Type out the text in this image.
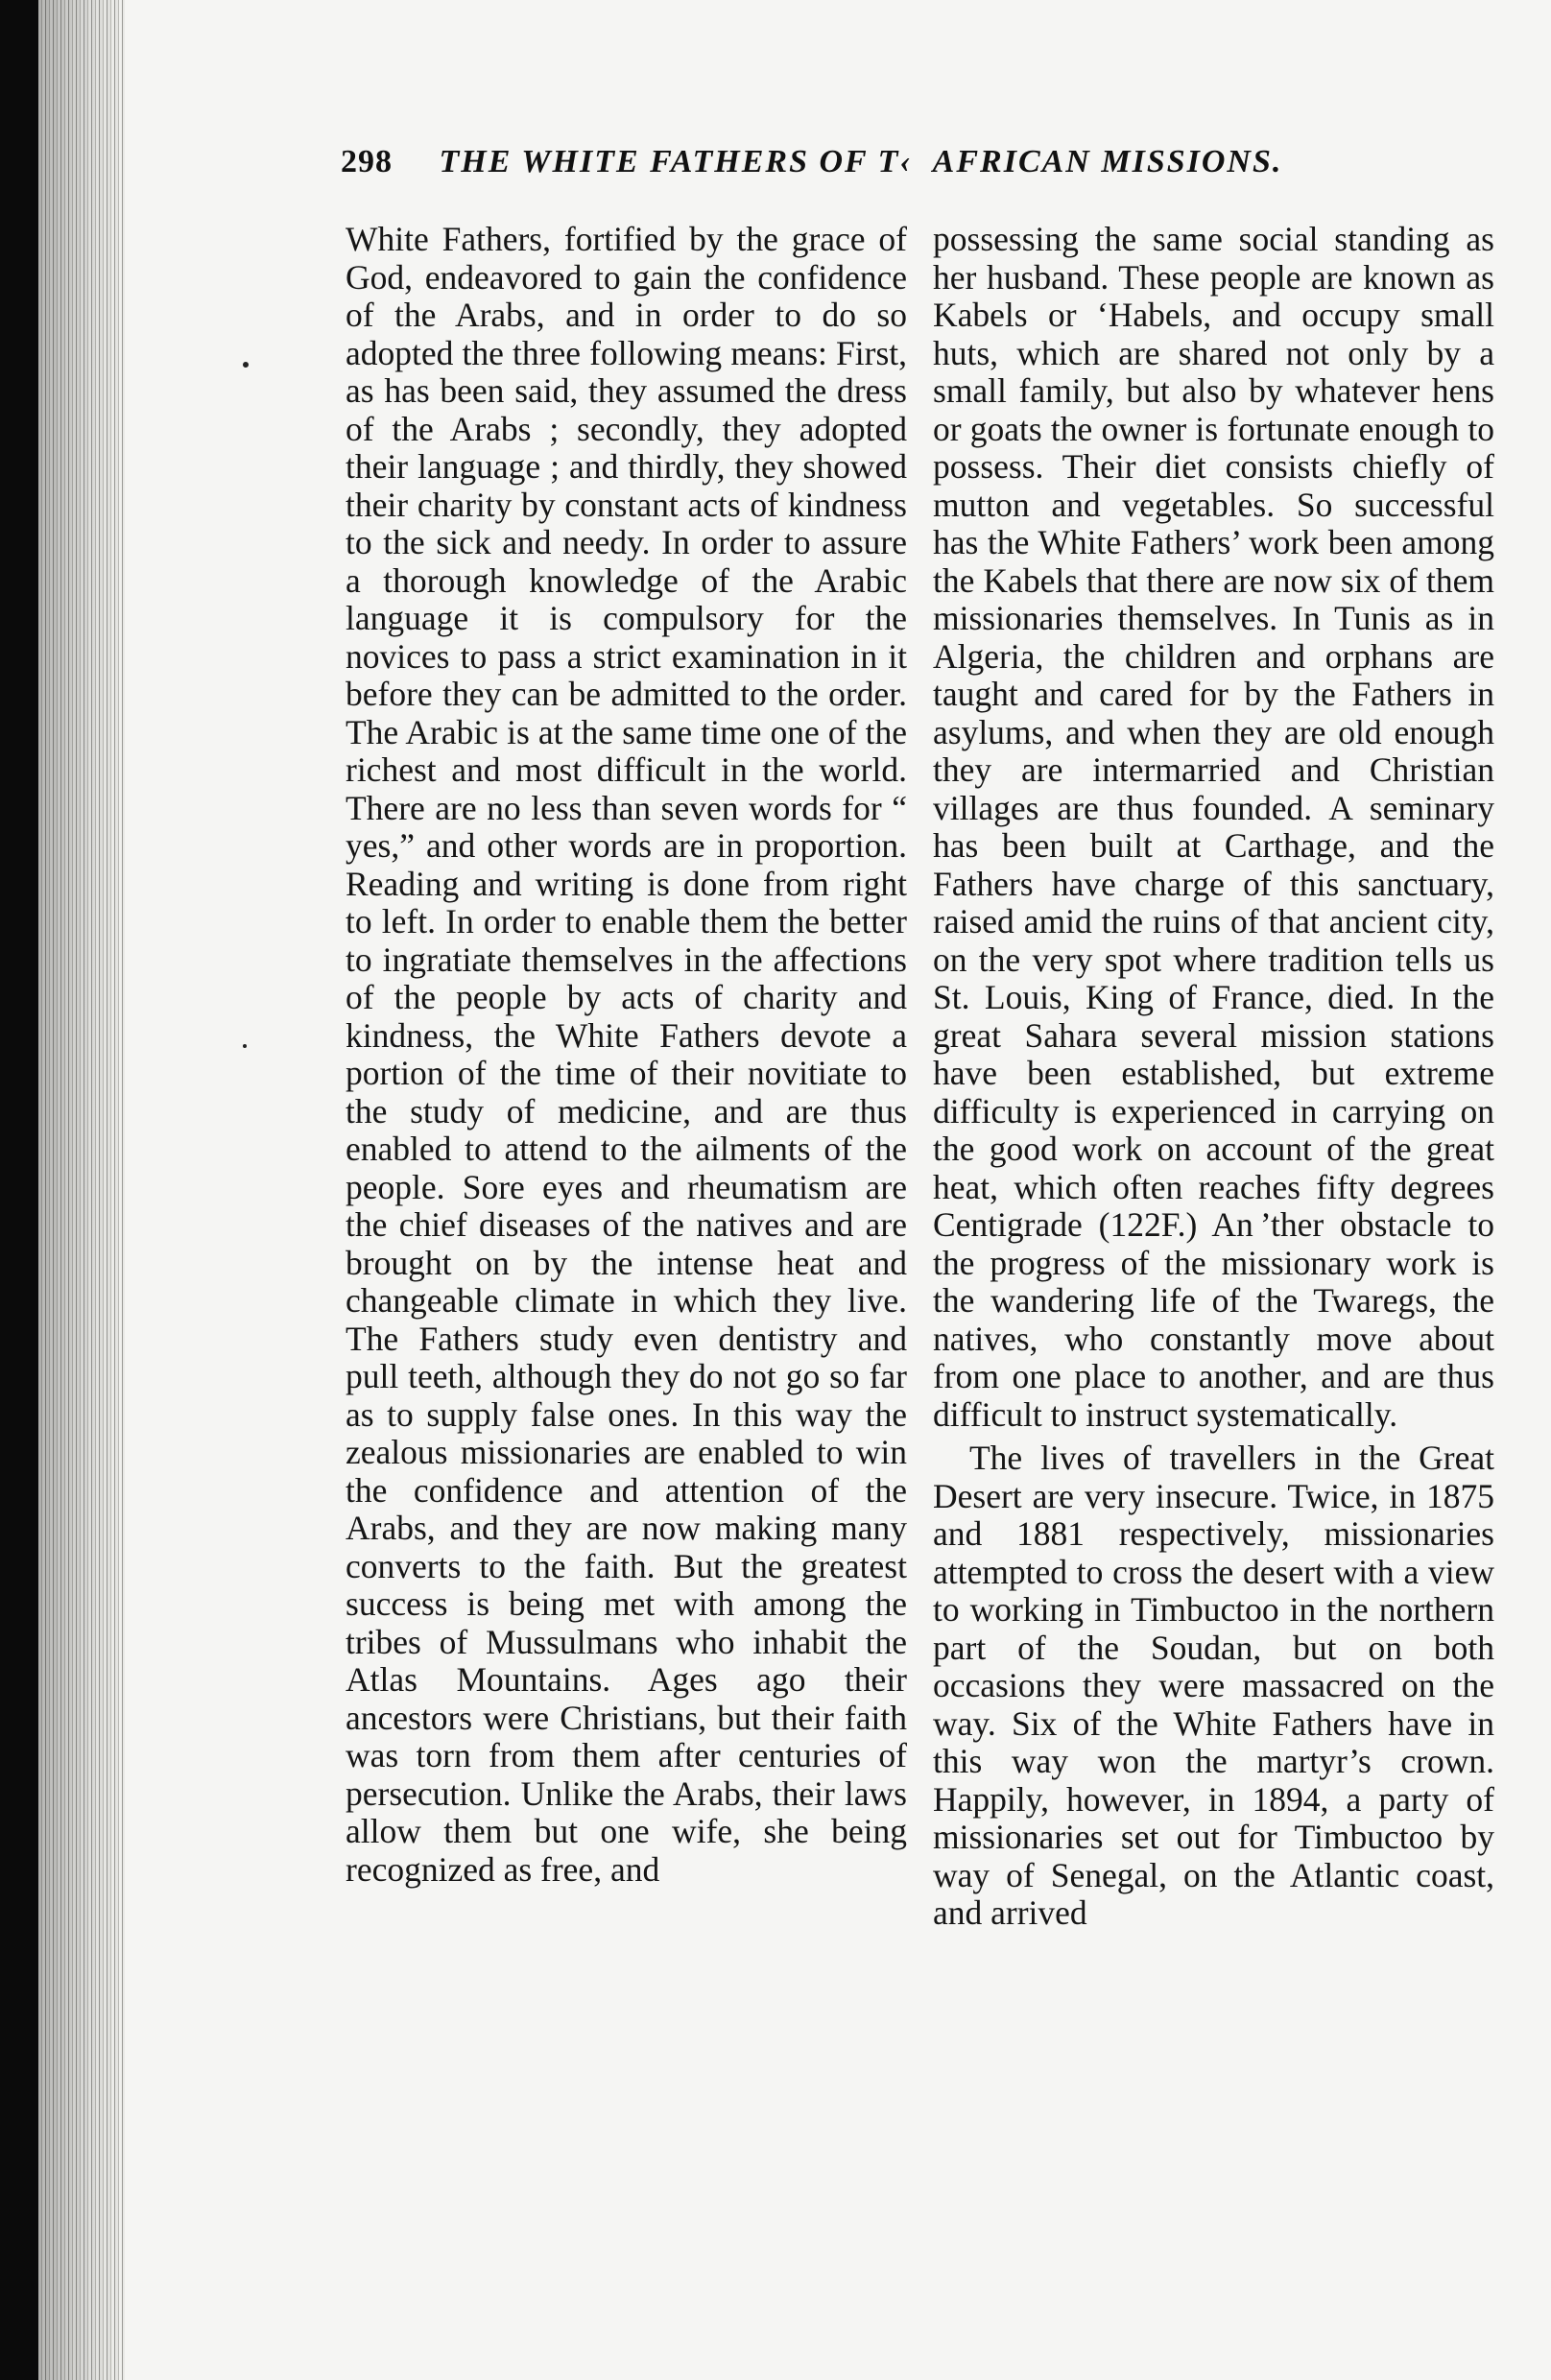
298 THE WHITE FATHERS OF T‹  AFRICAN MISSIONS.

White Fathers, fortified by the grace of God, endeavored to gain the confidence of the Arabs, and in order to do so adopted the three following means: First, as has been said, they assumed the dress of the Arabs ; secondly, they adopted their language ; and thirdly, they showed their charity by constant acts of kindness to the sick and needy. In order to assure a thorough knowledge of the Arabic language it is compulsory for the novices to pass a strict examination in it before they can be admitted to the order. The Arabic is at the same time one of the richest and most difficult in the world. There are no less than seven words for “ yes,” and other words are in proportion. Reading and writing is done from right to left. In order to enable them the better to ingratiate themselves in the affections of the people by acts of charity and kindness, the White Fathers devote a portion of the time of their novitiate to the study of medicine, and are thus enabled to attend to the ailments of the people. Sore eyes and rheumatism are the chief diseases of the natives and are brought on by the intense heat and changeable climate in which they live. The Fathers study even dentistry and pull teeth, although they do not go so far as to supply false ones. In this way the zealous missionaries are enabled to win the confidence and attention of the Arabs, and they are now making many converts to the faith. But the greatest success is being met with among the tribes of Mussulmans who inhabit the Atlas Mountains. Ages ago their ancestors were Christians, but their faith was torn from them after centuries of persecution. Unlike the Arabs, their laws allow them but one wife, she being recognized as free, and

possessing the same social standing as her husband. These people are known as Kabels or ‘Habels, and occupy small huts, which are shared not only by a small family, but also by whatever hens or goats the owner is fortunate enough to possess. Their diet consists chiefly of mutton and vegetables. So successful has the White Fathers’ work been among the Kabels that there are now six of them missionaries themselves. In Tunis as in Algeria, the children and orphans are taught and cared for by the Fathers in asylums, and when they are old enough they are intermarried and Christian villages are thus founded. A seminary has been built at Carthage, and the Fathers have charge of this sanctuary, raised amid the ruins of that ancient city, on the very spot where tradition tells us St. Louis, King of France, died. In the great Sahara several mission stations have been established, but extreme difficulty is experienced in carrying on the good work on account of the great heat, which often reaches fifty degrees Centigrade (122F.) An ’ther obstacle to the progress of the missionary work is the wandering life of the Twaregs, the natives, who constantly move about from one place to another, and are thus difficult to instruct systematically.

The lives of travellers in the Great Desert are very insecure. Twice, in 1875 and 1881 respectively, missionaries attempted to cross the desert with a view to working in Timbuctoo in the northern part of the Soudan, but on both occasions they were massacred on the way. Six of the White Fathers have in this way won the martyr’s crown. Happily, however, in 1894, a party of missionaries set out for Timbuctoo by way of Senegal, on the Atlantic coast, and arrived
